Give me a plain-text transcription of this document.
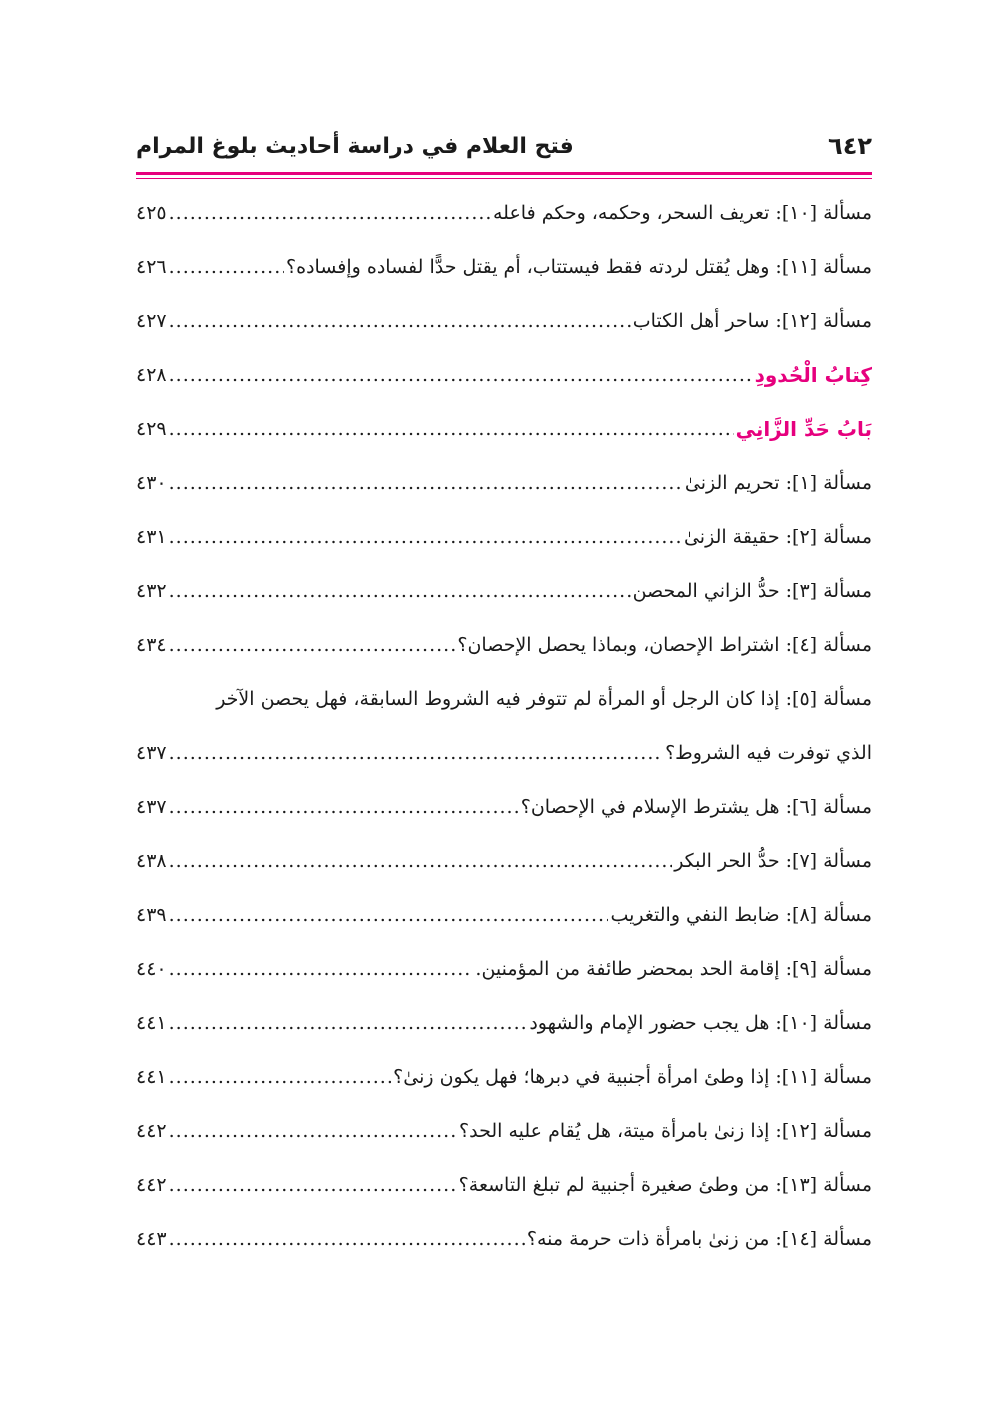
٦٤٢
فتح العلام في دراسة أحاديث بلوغ المرام
مسألة [١٠]: تعريف السحر، وحكمه، وحكم فاعله
.....
٤٢٥
مسألة [١١]: وهل يُقتل لردته فقط فيستتاب، أم يقتل حدًّا لفساده وإفساده؟
.....
٤٢٦
مسألة [١٢]: ساحر أهل الكتاب
.....
٤٢٧
كِتابُ الْحُدودِ
.....
٤٢٨
بَابُ حَدِّ الزَّانِي
.....
٤٢٩
مسألة [١]: تحريم الزنىٰ
.....
٤٣٠
مسألة [٢]: حقيقة الزنىٰ
.....
٤٣١
مسألة [٣]: حدُّ الزاني المحصن
.....
٤٣٢
مسألة [٤]: اشتراط الإحصان، وبماذا يحصل الإحصان؟
.....
٤٣٤
مسألة [٥]: إذا كان الرجل أو المرأة لم تتوفر فيه الشروط السابقة، فهل يحصن الآخر
الذي توفرت فيه الشروط؟
.....
٤٣٧
مسألة [٦]: هل يشترط الإسلام في الإحصان؟
.....
٤٣٧
مسألة [٧]: حدُّ الحر البكر
.....
٤٣٨
مسألة [٨]: ضابط النفي والتغريب
.....
٤٣٩
مسألة [٩]: إقامة الحد بمحضر طائفة من المؤمنين.
.....
٤٤٠
مسألة [١٠]: هل يجب حضور الإمام والشهود
.....
٤٤١
مسألة [١١]: إذا وطئ امرأة أجنبية في دبرها؛ فهل يكون زنىٰ؟
.....
٤٤١
مسألة [١٢]: إذا زنىٰ بامرأة ميتة، هل يُقام عليه الحد؟
.....
٤٤٢
مسألة [١٣]: من وطئ صغيرة أجنبية لم تبلغ التاسعة؟
.....
٤٤٢
مسألة [١٤]: من زنىٰ بامرأة ذات حرمة منه؟
.....
٤٤٣
